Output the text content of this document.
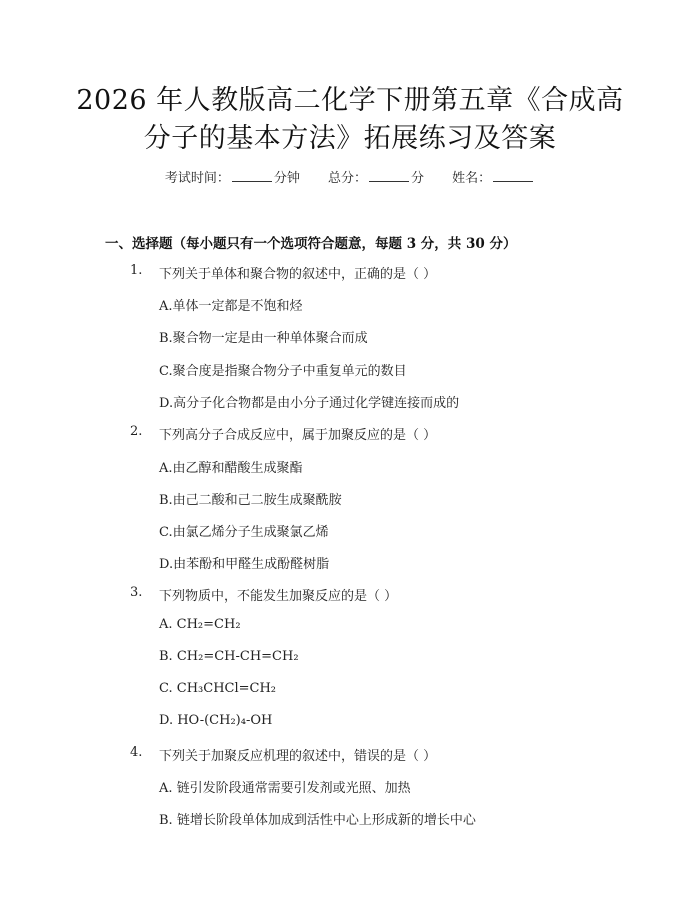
2026 年人教版高二化学下册第五章《合成高
分子的基本方法》拓展练习及答案
考试时间：	分钟 总分：	分 姓名：
一、选择题（每小题只有一个选项符合题意，每题 3 分，共 30 分）
1. 下列关于单体和聚合物的叙述中，正确的是（ ）
A.单体一定都是不饱和烃
B.聚合物一定是由一种单体聚合而成
C.聚合度是指聚合物分子中重复单元的数目
D.高分子化合物都是由小分子通过化学键连接而成的
2. 下列高分子合成反应中，属于加聚反应的是（ ）
A.由乙醇和醋酸生成聚酯
B.由己二酸和己二胺生成聚酰胺
C.由氯乙烯分子生成聚氯乙烯
D.由苯酚和甲醛生成酚醛树脂
3. 下列物质中，不能发生加聚反应的是（ ）
A. CH₂=CH₂
B. CH₂=CH-CH=CH₂
C. CH₃CHCl=CH₂
D. HO-(CH₂)₄-OH
4. 下列关于加聚反应机理的叙述中，错误的是（ ）
A. 链引发阶段通常需要引发剂或光照、加热
B. 链增长阶段单体加成到活性中心上形成新的增长中心
